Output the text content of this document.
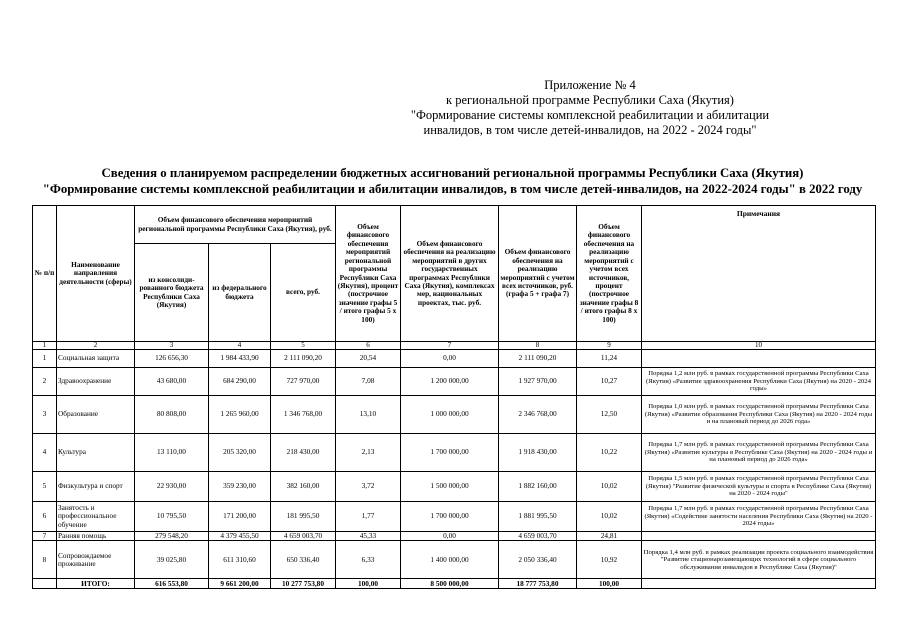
Приложение № 4
к региональной программе Республики Саха (Якутия)
"Формирование системы комплексной реабилитации и абилитации
инвалидов, в том числе детей-инвалидов, на 2022 - 2024 годы"
Сведения о планируемом распределении бюджетных ассигнований региональной программы Республики Саха (Якутия)
"Формирование системы комплексной реабилитации и абилитации инвалидов, в том числе детей-инвалидов, на 2022-2024 годы" в 2022 году
№ п/п	Наименование направления деятельности (сферы)	Объем финансового обеспечения мероприятий региональной программы Республики Саха (Якутия), руб.			Объем финансового обеспечения мероприятий региональной программы Республики Саха (Якутия), процент (построчное значение графы 5 / итого графы 5 x 100)	Объем финансового обеспечения на реализацию мероприятий в других государственных программах Республики Саха (Якутия), комплексах мер, национальных проектах, тыс. руб.	Объем финансового обеспечения на реализацию мероприятий с учетом всех источников, руб. (графа 5 + графа 7)	Объем финансового обеспечения на реализацию мероприятий с учетом всех источников, процент (построчное значение графы 8 / итого графы 8 x 100)	Примечания
		из консолиди-рованного бюджета Республики Саха (Якутия)	из федерального бюджета	всего, руб.					
1	2	3	4	5	6	7	8	9	10
1	Социальная защита	126 656,30	1 984 433,90	2 111 090,20	20,54	0,00	2 111 090,20	11,24	
2	Здравоохранение	43 680,00	684 290,00	727 970,00	7,08	1 200 000,00	1 927 970,00	10,27	Порядка 1,2 млн руб. в рамках государственной программы Республики Саха (Якутия) «Развитие здравоохранения Республики Саха (Якутия) на 2020 - 2024 годы»
3	Образование	80 808,00	1 265 960,00	1 346 768,00	13,10	1 000 000,00	2 346 768,00	12,50	Порядка 1,0 млн руб. в рамках государственной программы Республики Саха (Якутия) «Развитие образования Республики Саха (Якутия) на 2020 - 2024 годы и на плановый период до 2026 года»
4	Культура	13 110,00	205 320,00	218 430,00	2,13	1 700 000,00	1 918 430,00	10,22	Порядка 1,7 млн руб. в рамках государственной программы Республики Саха (Якутия) «Развитие культуры в Республике Саха (Якутия) на 2020 - 2024 годы и на плановый период до 2026 года»
5	Физкультура и спорт	22 930,00	359 230,00	382 160,00	3,72	1 500 000,00	1 882 160,00	10,02	Порядка 1,5 млн руб. в рамках государственной программы Республики Саха (Якутия) "Развитие физической культуры и спорта в Республике Саха (Якутия) на 2020 - 2024 годы"
6	Занятость и профессиональное обучение	10 795,50	171 200,00	181 995,50	1,77	1 700 000,00	1 881 995,50	10,02	Порядка 1,7 млн руб. в рамках государственной программы Республики Саха (Якутия) «Содействие занятости населения Республики Саха (Якутия) на 2020 - 2024 годы»
7	Ранняя помощь	279 548,20	4 379 455,50	4 659 003,70	45,33	0,00	4 659 003,70	24,81	
8	Сопровождаемое проживание	39 025,80	611 310,60	650 336,40	6,33	1 400 000,00	2 050 336,40	10,92	Порядка 1,4 млн руб. в рамках реализации проекта социального взаимодействия "Развитие стационарозамещающих технологий в сфере социального обслуживания инвалидов в Республике Саха (Якутия)"
	ИТОГО:	616 553,80	9 661 200,00	10 277 753,80	100,00	8 500 000,00	18 777 753,80	100,00	
